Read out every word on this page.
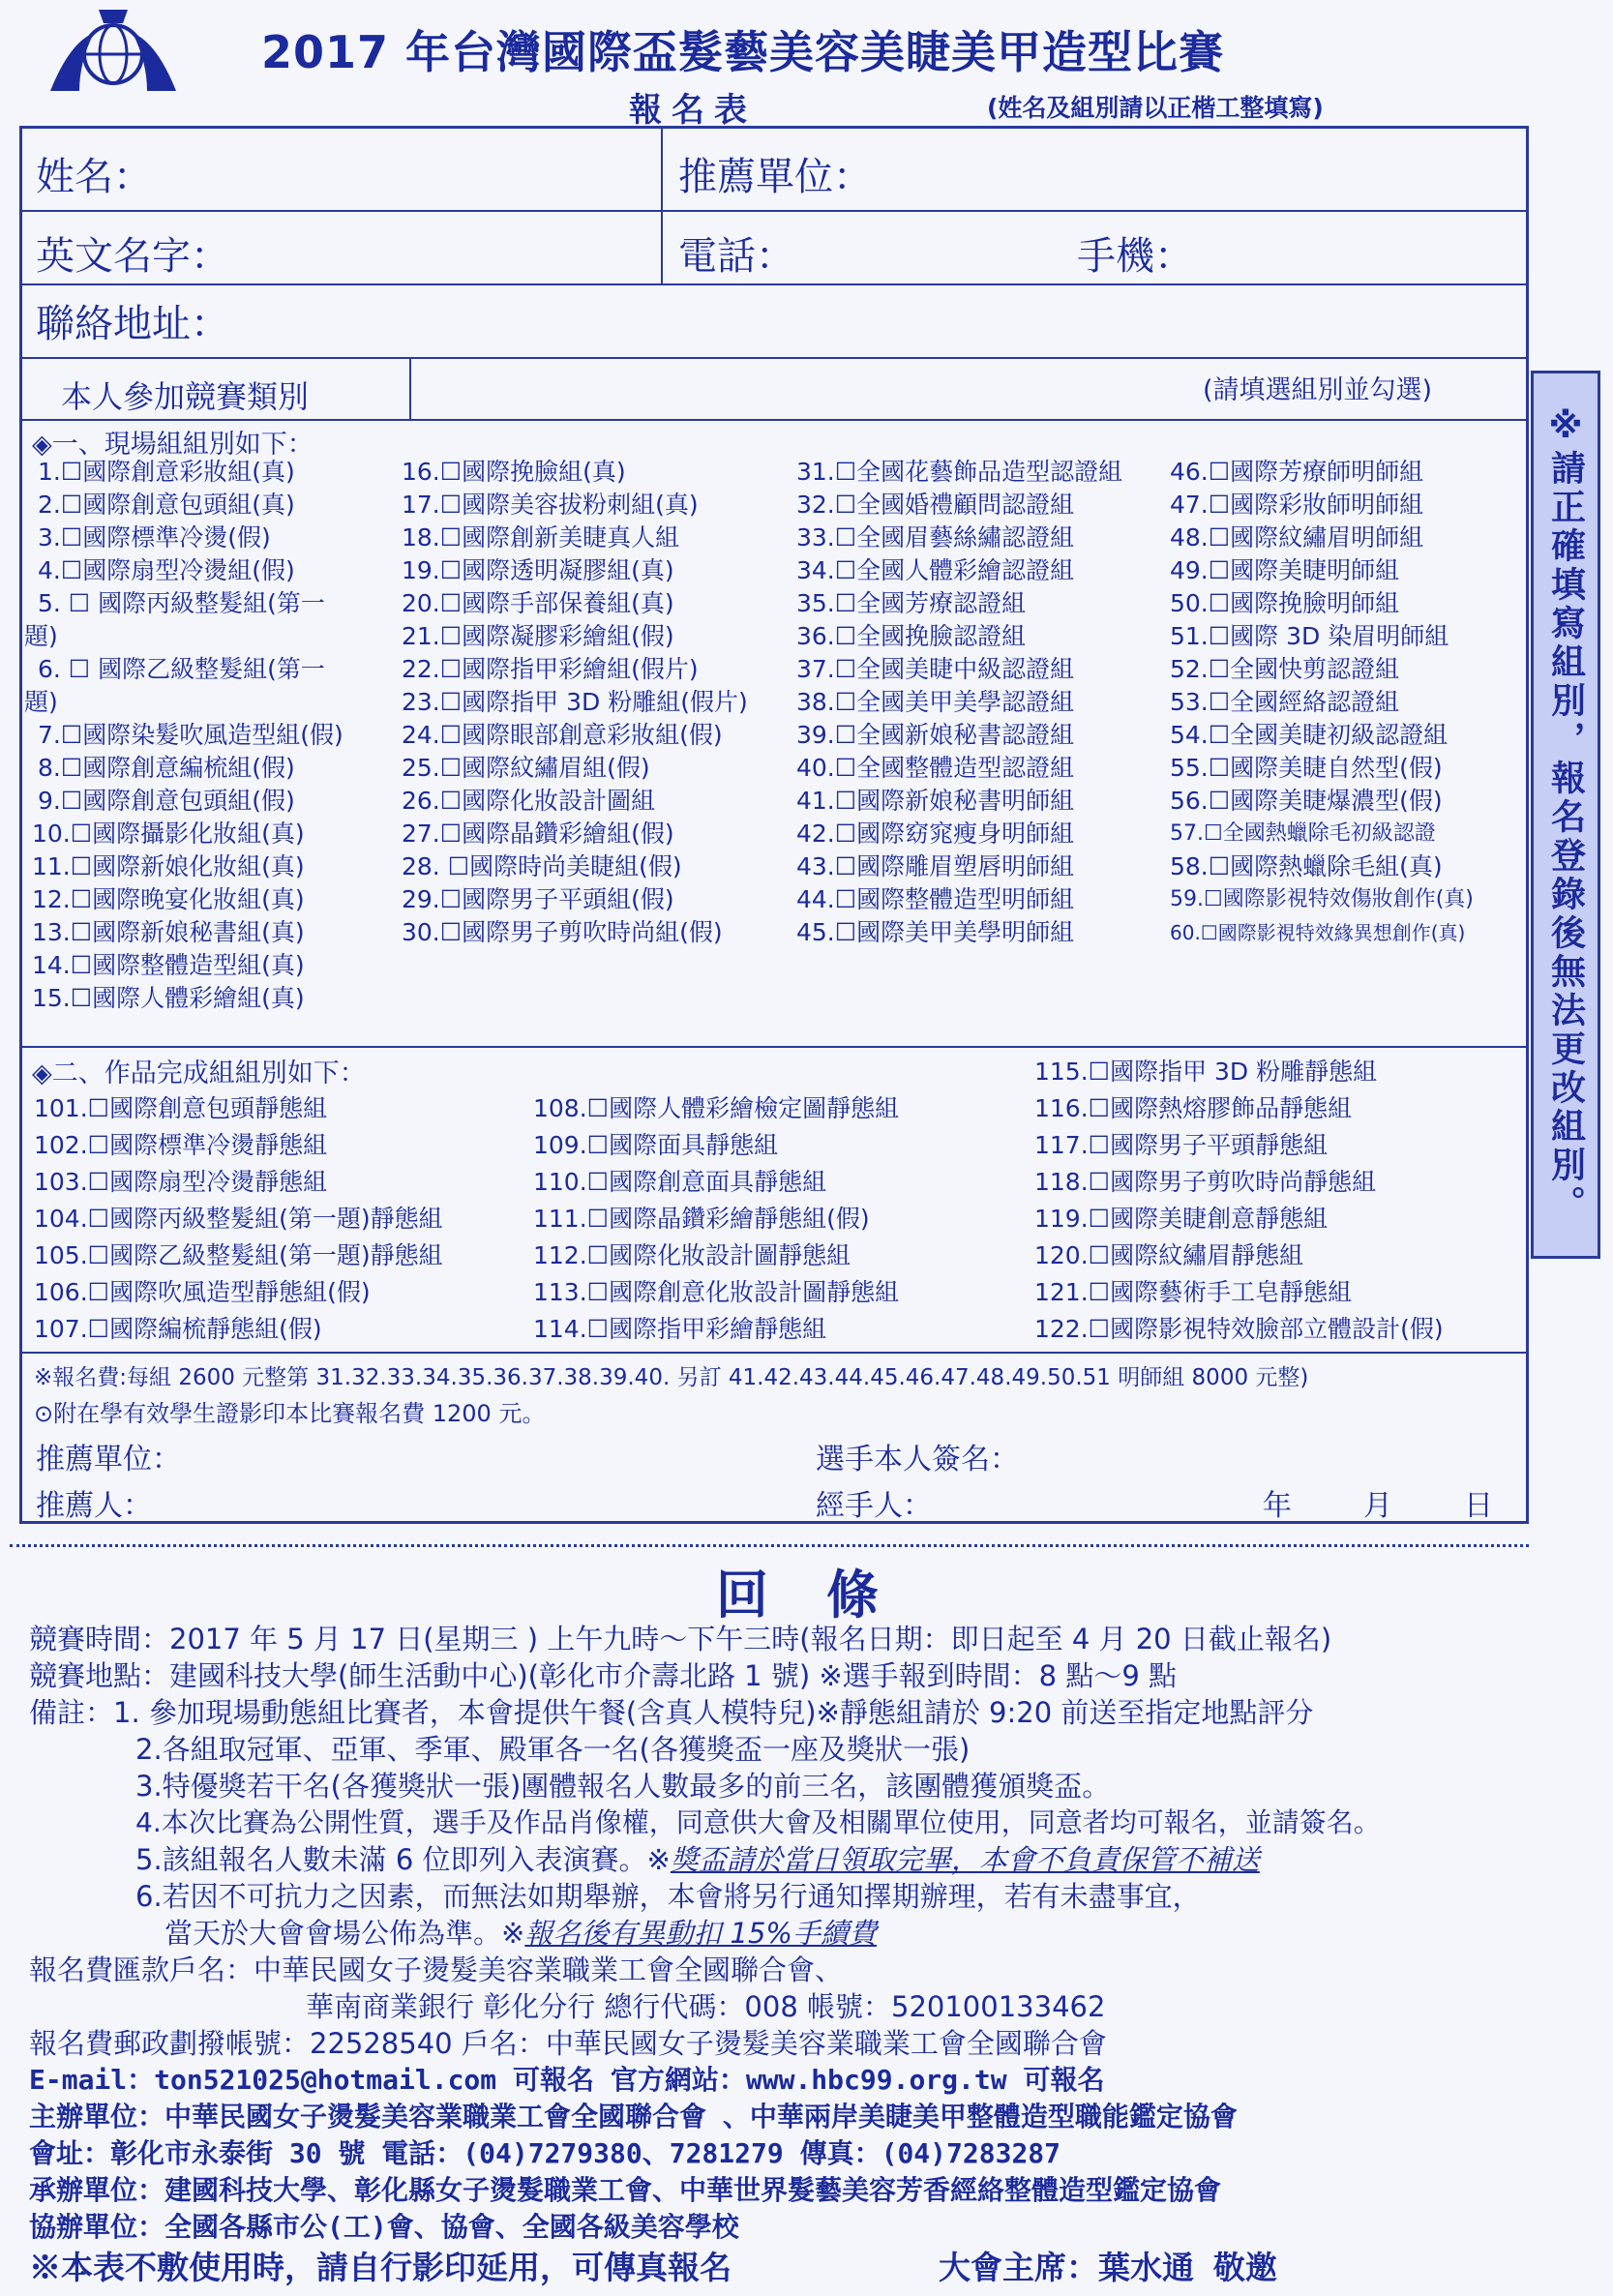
2017 年台灣國際盃髮藝美容美睫美甲造型比賽
報名表	(姓名及組別請以正楷工整填寫)
姓名：	推薦單位：
英文名字：	電話：	手機：
聯絡地址：
本人參加競賽類別	(請填選組別並勾選)
◈一、現場組組別如下：
1.☐國際創意彩妝組(真)
2.☐國際創意包頭組(真)
3.☐國際標準冷燙(假)
4.☐國際扇型冷燙組(假)
5. ☐ 國際丙級整髮組(第一
題)
6. ☐ 國際乙級整髮組(第一
題)
7.☐國際染髮吹風造型組(假)
8.☐國際創意編梳組(假)
9.☐國際創意包頭組(假)
10.☐國際攝影化妝組(真)
11.☐國際新娘化妝組(真)
12.☐國際晚宴化妝組(真)
13.☐國際新娘秘書組(真)
14.☐國際整體造型組(真)
15.☐國際人體彩繪組(真)
16.☐國際挽臉組(真)
17.☐國際美容拔粉刺組(真)
18.☐國際創新美睫真人組
19.☐國際透明凝膠組(真)
20.☐國際手部保養組(真)
21.☐國際凝膠彩繪組(假)
22.☐國際指甲彩繪組(假片)
23.☐國際指甲 3D 粉雕組(假片)
24.☐國際眼部創意彩妝組(假)
25.☐國際紋繡眉組(假)
26.☐國際化妝設計圖組
27.☐國際晶鑽彩繪組(假)
28. ☐國際時尚美睫組(假)
29.☐國際男子平頭組(假)
30.☐國際男子剪吹時尚組(假)
31.☐全國花藝飾品造型認證組
32.☐全國婚禮顧問認證組
33.☐全國眉藝絲繡認證組
34.☐全國人體彩繪認證組
35.☐全國芳療認證組
36.☐全國挽臉認證組
37.☐全國美睫中級認證組
38.☐全國美甲美學認證組
39.☐全國新娘秘書認證組
40.☐全國整體造型認證組
41.☐國際新娘秘書明師組
42.☐國際窈窕瘦身明師組
43.☐國際雕眉塑唇明師組
44.☐國際整體造型明師組
45.☐國際美甲美學明師組
46.☐國際芳療師明師組
47.☐國際彩妝師明師組
48.☐國際紋繡眉明師組
49.☐國際美睫明師組
50.☐國際挽臉明師組
51.☐國際 3D 染眉明師組
52.☐全國快剪認證組
53.☐全國經絡認證組
54.☐全國美睫初級認證組
55.☐國際美睫自然型(假)
56.☐國際美睫爆濃型(假)
57.☐全國熱蠟除毛初級認證
58.☐國際熱蠟除毛組(真)
59.☐國際影視特效傷妝創作(真)
60.☐國際影視特效緣異想創作(真)
◈二、作品完成組組別如下：
101.☐國際創意包頭靜態組
102.☐國際標準冷燙靜態組
103.☐國際扇型冷燙靜態組
104.☐國際丙級整髮組(第一題)靜態組
105.☐國際乙級整髮組(第一題)靜態組
106.☐國際吹風造型靜態組(假)
107.☐國際編梳靜態組(假)
108.☐國際人體彩繪檢定圖靜態組
109.☐國際面具靜態組
110.☐國際創意面具靜態組
111.☐國際晶鑽彩繪靜態組(假)
112.☐國際化妝設計圖靜態組
113.☐國際創意化妝設計圖靜態組
114.☐國際指甲彩繪靜態組
115.☐國際指甲 3D 粉雕靜態組
116.☐國際熱熔膠飾品靜態組
117.☐國際男子平頭靜態組
118.☐國際男子剪吹時尚靜態組
119.☐國際美睫創意靜態組
120.☐國際紋繡眉靜態組
121.☐國際藝術手工皂靜態組
122.☐國際影視特效臉部立體設計(假)
※報名費:每組 2600 元整第 31.32.33.34.35.36.37.38.39.40. 另訂 41.42.43.44.45.46.47.48.49.50.51 明師組 8000 元整)
⊙附在學有效學生證影印本比賽報名費 1200 元。
推薦單位：	選手本人簽名：
推薦人：	經手人：	年 月 日
※請正確填寫組別，報名登錄後無法更改組別。
回條
競賽時間：2017 年 5 月 17 日(星期三 ) 上午九時～下午三時(報名日期：即日起至 4 月 20 日截止報名)
競賽地點：建國科技大學(師生活動中心)(彰化市介壽北路 1 號) ※選手報到時間：8 點～9 點
備註：1. 參加現場動態組比賽者，本會提供午餐(含真人模特兒)※靜態組請於 9:20 前送至指定地點評分
2.各組取冠軍、亞軍、季軍、殿軍各一名(各獲獎盃一座及獎狀一張)
3.特優獎若干名(各獲獎狀一張)團體報名人數最多的前三名，該團體獲頒獎盃。
4.本次比賽為公開性質，選手及作品肖像權，同意供大會及相關單位使用，同意者均可報名，並請簽名。
5.該組報名人數未滿 6 位即列入表演賽。※獎盃請於當日領取完畢，本會不負責保管不補送
6.若因不可抗力之因素，而無法如期舉辦，本會將另行通知擇期辦理，若有未盡事宜，
當天於大會會場公佈為準。※報名後有異動扣 15%手續費
報名費匯款戶名：中華民國女子燙髮美容業職業工會全國聯合會、
華南商業銀行 彰化分行 總行代碼：008 帳號：520100133462
報名費郵政劃撥帳號：22528540 戶名：中華民國女子燙髮美容業職業工會全國聯合會
E-mail：ton521025@hotmail.com 可報名 官方網站：www.hbc99.org.tw 可報名
主辦單位：中華民國女子燙髮美容業職業工會全國聯合會 、中華兩岸美睫美甲整體造型職能鑑定協會
會址：彰化市永泰街 30 號 電話：(04)7279380、7281279 傳真：(04)7283287
承辦單位：建國科技大學、彰化縣女子燙髮職業工會、中華世界髮藝美容芳香經絡整體造型鑑定協會
協辦單位：全國各縣市公(工)會、協會、全國各級美容學校
※本表不敷使用時，請自行影印延用，可傳真報名	大會主席：葉水通 敬邀
